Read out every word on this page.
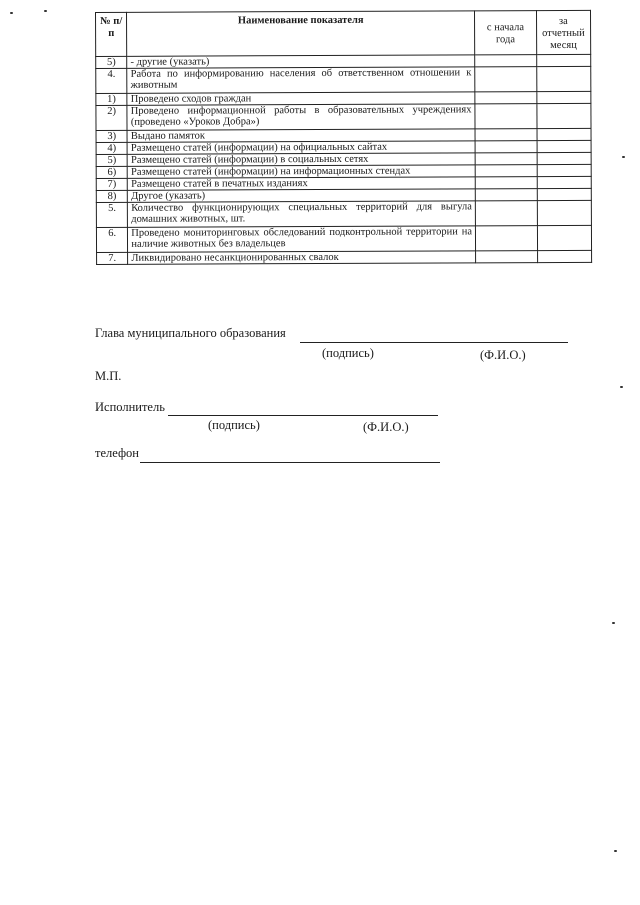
№ п/п	Наименование показателя	с начала года	за отчетный месяц
5)	- другие (указать)		
4.	Работа по информированию населения об ответственном отношении к животным		
1)	Проведено сходов граждан		
2)	Проведено информационной работы в образовательных учреждениях (проведено «Уроков Добра»)		
3)	Выдано памяток		
4)	Размещено статей (информации) на официальных сайтах		
5)	Размещено статей (информации) в социальных сетях		
6)	Размещено статей (информации) на информационных стендах		
7)	Размещено статей в печатных изданиях		
8)	Другое (указать)		
5.	Количество функционирующих специальных территорий для выгула домашних животных, шт.		
6.	Проведено мониторинговых обследований подконтрольной территории на наличие животных без владельцев		
7.	Ликвидировано несанкционированных свалок		
Глава муниципального образования
(подпись)	(Ф.И.О.)
М.П.
Исполнитель
(подпись)	(Ф.И.О.)
телефон
